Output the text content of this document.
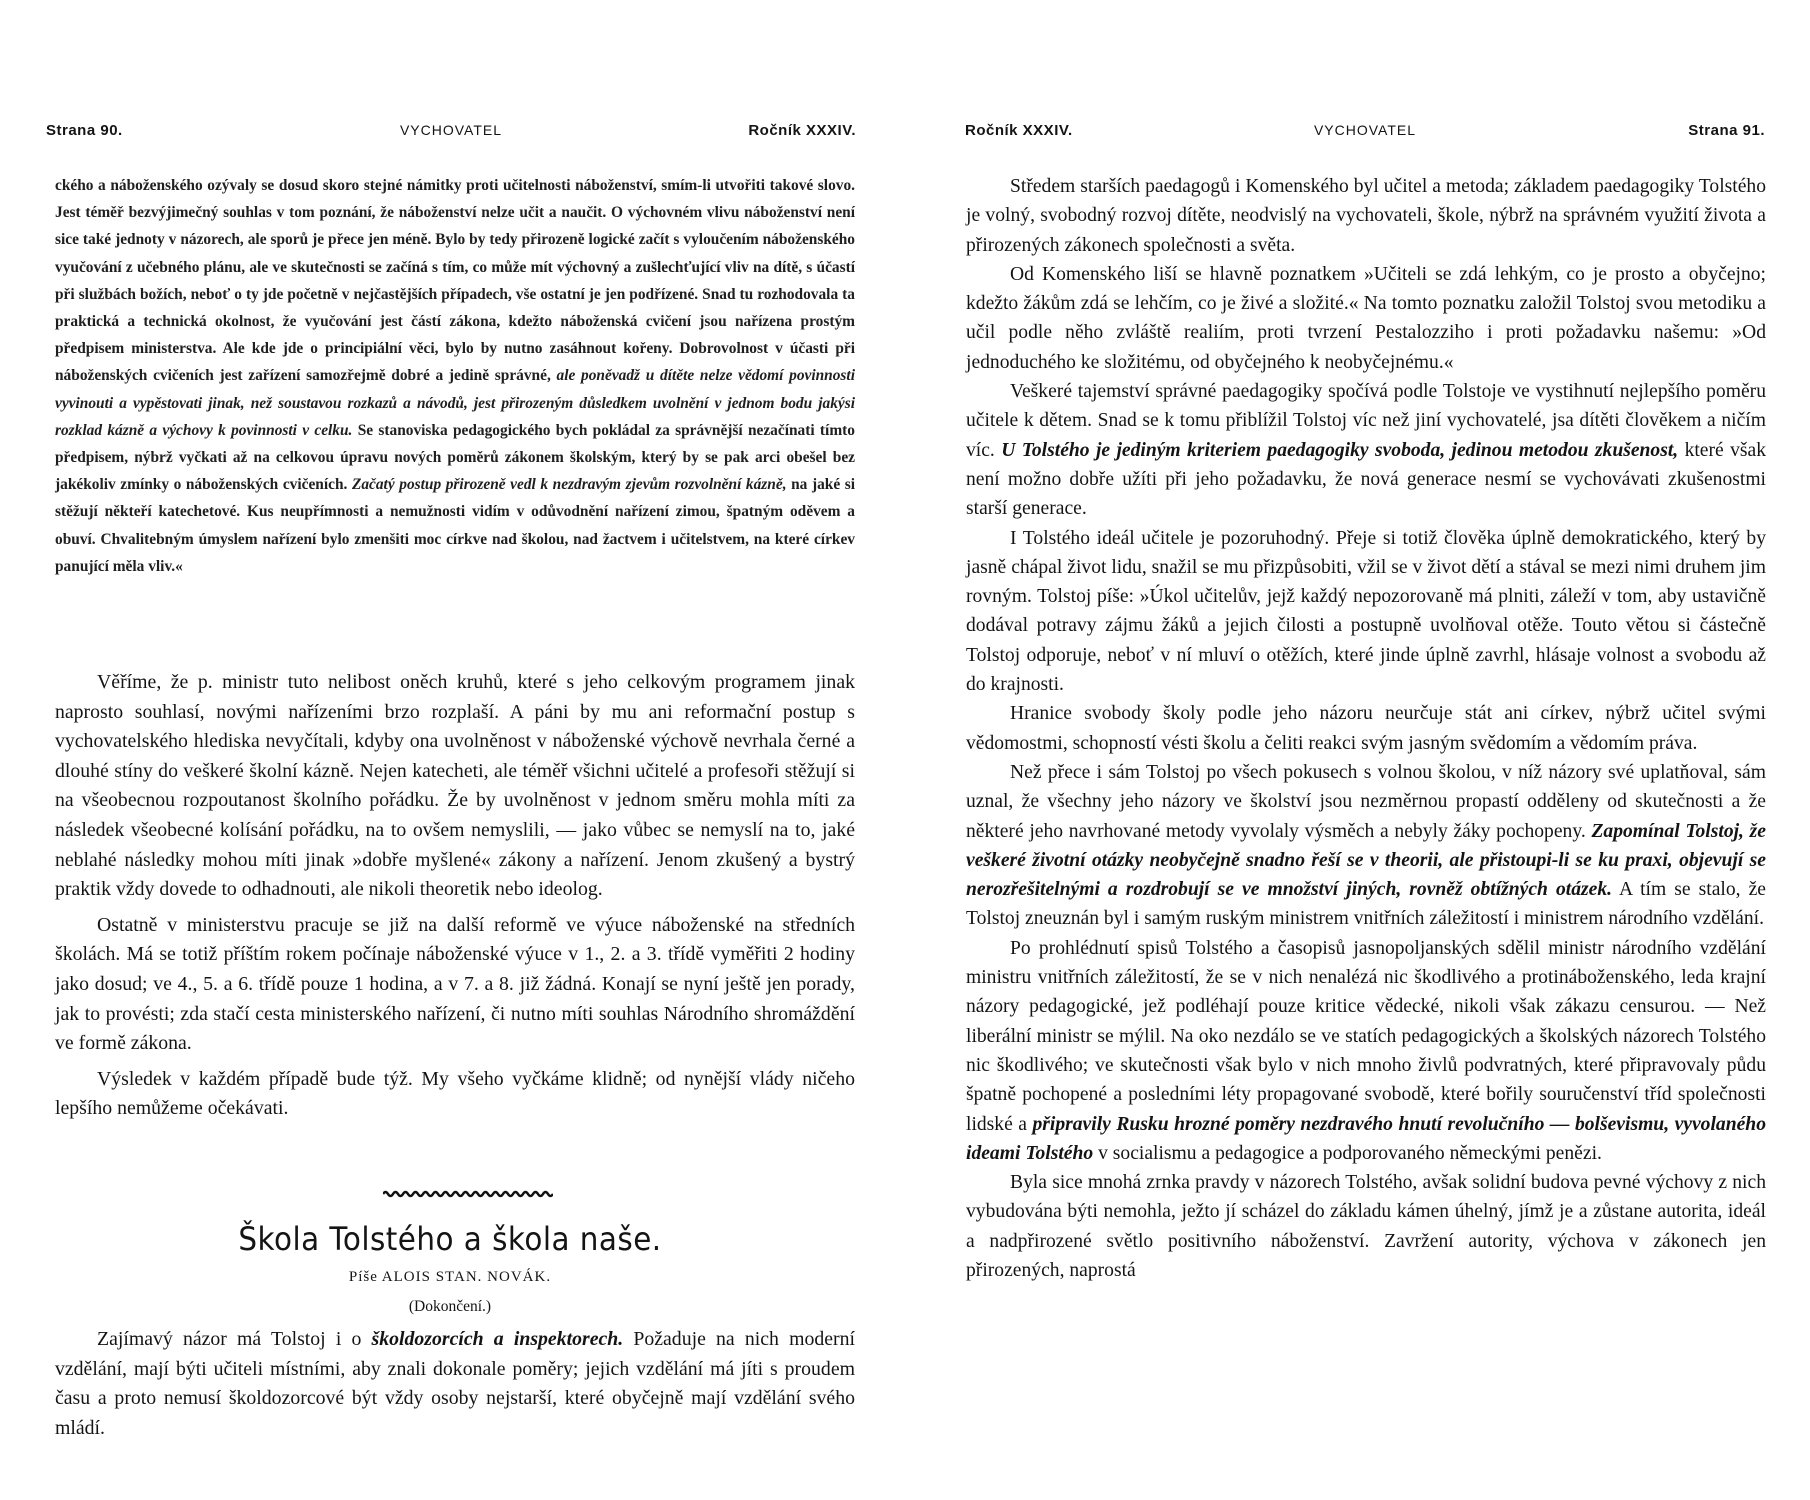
Strana 90.	VYCHOVATEL	Ročník XXXIV.
ckého a náboženského ozývaly se dosud skoro stejné námitky proti učitelnosti náboženství, smím-li utvořiti takové slovo. Jest téměř bezvýjimečný souhlas v tom poznání, že náboženství nelze učit a naučit. O výchovném vlivu náboženství není sice také jednoty v názorech, ale sporů je přece jen méně. Bylo by tedy přirozeně logické začít s vyloučením náboženského vyučování z učebného plánu, ale ve skutečnosti se začíná s tím, co může mít výchovný a zušlechťující vliv na dítě, s účastí při službách božích, neboť o ty jde početně v nejčastějších případech, vše ostatní je jen podřízené. Snad tu rozhodovala ta praktická a technická okolnost, že vyučování jest částí zákona, kdežto náboženská cvičení jsou nařízena prostým předpisem ministerstva. Ale kde jde o principiální věci, bylo by nutno zasáhnout kořeny. Dobrovolnost v účasti při náboženských cvičeních jest zařízení samozřejmě dobré a jedině správné, ale poněvadž u dítěte nelze vědomí povinnosti vyvinouti a vypěstovati jinak, než soustavou rozkazů a návodů, jest přirozeným důsledkem uvolnění v jednom bodu jakýsi rozklad kázně a výchovy k povinnosti v celku. Se stanoviska pedagogického bych pokládal za správnější nezačínati tímto předpisem, nýbrž vyčkati až na celkovou úpravu nových poměrů zákonem školským, který by se pak arci obešel bez jakékoliv zmínky o náboženských cvičeních. Začatý postup přirozeně vedl k nezdravým zjevům rozvolnění kázně, na jaké si stěžují někteří katechetové. Kus neupřímnosti a nemužnosti vidím v odůvodnění nařízení zimou, špatným oděvem a obuví. Chvalitebným úmyslem nařízení bylo zmenšiti moc církve nad školou, nad žactvem i učitelstvem, na které církev panující měla vliv.«

Věříme, že p. ministr tuto nelibost oněch kruhů, které s jeho celkovým programem jinak naprosto souhlasí, novými nařízeními brzo rozplaší. A páni by mu ani reformační postup s vychovatelského hlediska nevyčítali, kdyby ona uvolněnost v náboženské výchově nevrhala černé a dlouhé stíny do veškeré školní kázně. Nejen katecheti, ale téměř všichni učitelé a profesoři stěžují si na všeobecnou rozpoutanost školního pořádku. Že by uvolněnost v jednom směru mohla míti za následek všeobecné kolísání pořádku, na to ovšem nemyslili, — jako vůbec se nemyslí na to, jaké neblahé následky mohou míti jinak »dobře myšlené« zákony a nařízení. Jenom zkušený a bystrý praktik vždy dovede to odhadnouti, ale nikoli theoretik nebo ideolog.

Ostatně v ministerstvu pracuje se již na další reformě ve výuce náboženské na středních školách. Má se totiž příštím rokem počínaje náboženské výuce v 1., 2. a 3. třídě vyměřiti 2 hodiny jako dosud; ve 4., 5. a 6. třídě pouze 1 hodina, a v 7. a 8. již žádná. Konají se nyní ještě jen porady, jak to provésti; zda stačí cesta ministerského nařízení, či nutno míti souhlas Národního shromáždění ve formě zákona.

Výsledek v každém případě bude týž. My všeho vyčkáme klidně; od nynější vlády ničeho lepšího nemůžeme očekávati.

Škola Tolstého a škola naše.
Píše ALOIS STAN. NOVÁK.
(Dokončení.)

Zajímavý názor má Tolstoj i o školdozorcích a inspektorech. Požaduje na nich moderní vzdělání, mají býti učiteli místními, aby znali dokonale poměry; jejich vzdělání má jíti s proudem času a proto nemusí školdozorcové být vždy osoby nejstarší, které obyčejně mají vzdělání svého mládí.

Ročník XXXIV.	VYCHOVATEL	Strana 91.

Středem starších paedagogů i Komenského byl učitel a metoda; základem paedagogiky Tolstého je volný, svobodný rozvoj dítěte, neodvislý na vychovateli, škole, nýbrž na správném využití života a přirozených zákonech společnosti a světa.

Od Komenského liší se hlavně poznatkem »Učiteli se zdá lehkým, co je prosto a obyčejno; kdežto žákům zdá se lehčím, co je živé a složité.« Na tomto poznatku založil Tolstoj svou metodiku a učil podle něho zvláště realiím, proti tvrzení Pestalozziho i proti požadavku našemu: »Od jednoduchého ke složitému, od obyčejného k neobyčejnému.«

Veškeré tajemství správné paedagogiky spočívá podle Tolstoje ve vystihnutí nejlepšího poměru učitele k dětem. Snad se k tomu přiblížil Tolstoj víc než jiní vychovatelé, jsa dítěti člověkem a ničím víc. U Tolstého je jediným kriteriem paedagogiky svoboda, jedinou metodou zkušenost, které však není možno dobře užíti při jeho požadavku, že nová generace nesmí se vychovávati zkušenostmi starší generace.

I Tolstého ideál učitele je pozoruhodný. Přeje si totiž člověka úplně demokratického, který by jasně chápal život lidu, snažil se mu přizpůsobiti, vžil se v život dětí a stával se mezi nimi druhem jim rovným. Tolstoj píše: »Úkol učitelův, jejž každý nepozorovaně má plniti, záleží v tom, aby ustavičně dodával potravy zájmu žáků a jejich čilosti a postupně uvolňoval otěže. Touto větou si částečně Tolstoj odporuje, neboť v ní mluví o otěžích, které jinde úplně zavrhl, hlásaje volnost a svobodu až do krajnosti.

Hranice svobody školy podle jeho názoru neurčuje stát ani církev, nýbrž učitel svými vědomostmi, schopností vésti školu a čeliti reakci svým jasným svědomím a vědomím práva.

Než přece i sám Tolstoj po všech pokusech s volnou školou, v níž názory své uplatňoval, sám uznal, že všechny jeho názory ve školství jsou nezměrnou propastí odděleny od skutečnosti a že některé jeho navrhované metody vyvolaly výsměch a nebyly žáky pochopeny. Zapomínal Tolstoj, že veškeré životní otázky neobyčejně snadno řeší se v theorii, ale přistoupi-li se ku praxi, objevují se nerozřešitelnými a rozdrobují se ve množství jiných, rovněž obtížných otázek. A tím se stalo, že Tolstoj zneuznán byl i samým ruským ministrem vnitřních záležitostí i ministrem národního vzdělání.

Po prohlédnutí spisů Tolstého a časopisů jasnopoljanských sdělil ministr národního vzdělání ministru vnitřních záležitostí, že se v nich nenalézá nic škodlivého a protináboženského, leda krajní názory pedagogické, jež podléhají pouze kritice vědecké, nikoli však zákazu censurou. — Než liberální ministr se mýlil. Na oko nezdálo se ve statích pedagogických a školských názorech Tolstého nic škodlivého; ve skutečnosti však bylo v nich mnoho živlů podvratných, které připravovaly půdu špatně pochopené a posledními léty propagované svobodě, které bořily souručenství tříd společnosti lidské a připravily Rusku hrozné poměry nezdravého hnutí revolučního — bolševismu, vyvolaného ideami Tolstého v socialismu a pedagogice a podporovaného německými penězi.

Byla sice mnohá zrnka pravdy v názorech Tolstého, avšak solidní budova pevné výchovy z nich vybudována býti nemohla, ježto jí scházel do základu kámen úhelný, jímž je a zůstane autorita, ideál a nadpřirozené světlo positivního náboženství. Zavržení autority, výchova v zákonech jen přirozených, naprostá
